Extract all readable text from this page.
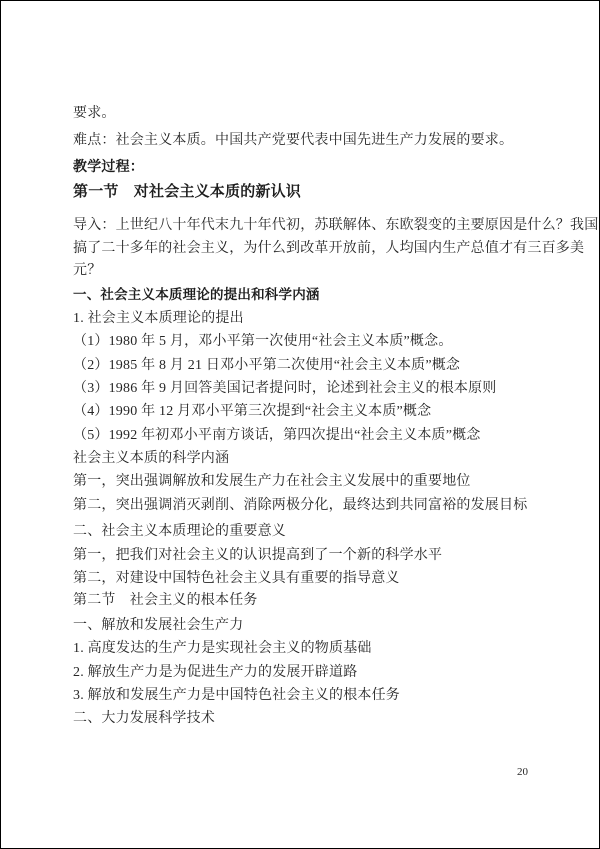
要求。
难点：社会主义本质。中国共产党要代表中国先进生产力发展的要求。
教学过程：
第一节　对社会主义本质的新认识
导入：上世纪八十年代末九十年代初，苏联解体、东欧裂变的主要原因是什么？我国
搞了二十多年的社会主义，为什么到改革开放前，人均国内生产总值才有三百多美
元？
一、社会主义本质理论的提出和科学内涵
1. 社会主义本质理论的提出
（1）1980 年 5 月，邓小平第一次使用“社会主义本质”概念。
（2）1985 年 8 月 21 日邓小平第二次使用“社会主义本质”概念
（3）1986 年 9 月回答美国记者提问时，论述到社会主义的根本原则
（4）1990 年 12 月邓小平第三次提到“社会主义本质”概念
（5）1992 年初邓小平南方谈话，第四次提出“社会主义本质”概念
社会主义本质的科学内涵
第一，突出强调解放和发展生产力在社会主义发展中的重要地位
第二，突出强调消灭剥削、消除两极分化，最终达到共同富裕的发展目标
二、社会主义本质理论的重要意义
第一，把我们对社会主义的认识提高到了一个新的科学水平
第二，对建设中国特色社会主义具有重要的指导意义
第二节　社会主义的根本任务
一、解放和发展社会生产力
1. 高度发达的生产力是实现社会主义的物质基础
2. 解放生产力是为促进生产力的发展开辟道路
3. 解放和发展生产力是中国特色社会主义的根本任务
二、大力发展科学技术
20
